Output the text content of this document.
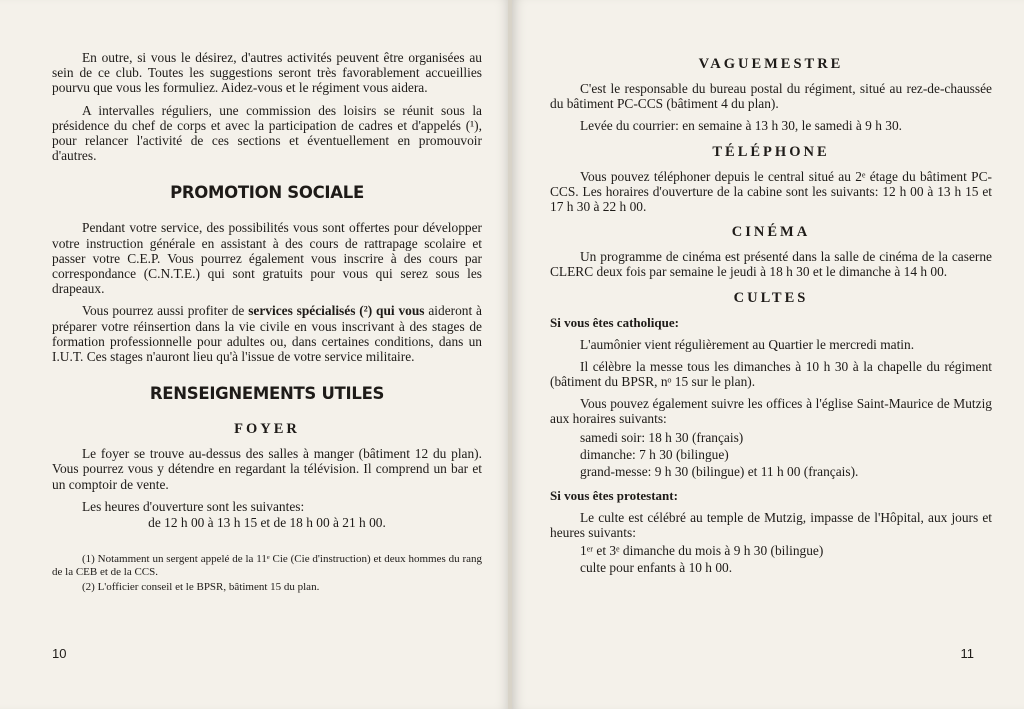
En outre, si vous le désirez, d'autres activités peuvent être organisées au sein de ce club. Toutes les suggestions seront très favorablement accueillies pourvu que vous les formuliez. Aidez-vous et le régiment vous aidera.

A intervalles réguliers, une commission des loisirs se réunit sous la présidence du chef de corps et avec la participation de cadres et d'appelés (¹), pour relancer l'activité de ces sections et éventuellement en promouvoir d'autres.

PROMOTION SOCIALE

Pendant votre service, des possibilités vous sont offertes pour développer votre instruction générale en assistant à des cours de rattrapage scolaire et passer votre C.E.P. Vous pourrez également vous inscrire à des cours par correspondance (C.N.T.E.) qui sont gratuits pour vous qui serez sous les drapeaux.

Vous pourrez aussi profiter de services spécialisés (²) qui vous aideront à préparer votre réinsertion dans la vie civile en vous inscrivant à des stages de formation professionnelle pour adultes ou, dans certaines conditions, dans un I.U.T. Ces stages n'auront lieu qu'à l'issue de votre service militaire.

RENSEIGNEMENTS UTILES
FOYER

Le foyer se trouve au-dessus des salles à manger (bâtiment 12 du plan). Vous pourrez vous y détendre en regardant la télévision. Il comprend un bar et un comptoir de vente.

Les heures d'ouverture sont les suivantes:

de 12 h 00 à 13 h 15 et de 18 h 00 à 21 h 00.

(1) Notamment un sergent appelé de la 11ᵉ Cie (Cie d'instruction) et deux hommes du rang de la CEB et de la CCS.

(2) L'officier conseil et le BPSR, bâtiment 15 du plan.

10
VAGUEMESTRE

C'est le responsable du bureau postal du régiment, situé au rez-de-chaussée du bâtiment PC-CCS (bâtiment 4 du plan).

Levée du courrier: en semaine à 13 h 30, le samedi à 9 h 30.

TÉLÉPHONE

Vous pouvez téléphoner depuis le central situé au 2ᵉ étage du bâtiment PC-CCS. Les horaires d'ouverture de la cabine sont les suivants: 12 h 00 à 13 h 15 et 17 h 30 à 22 h 00.

CINÉMA

Un programme de cinéma est présenté dans la salle de cinéma de la caserne CLERC deux fois par semaine le jeudi à 18 h 30 et le dimanche à 14 h 00.

CULTES
Si vous êtes catholique:

L'aumônier vient régulièrement au Quartier le mercredi matin.

Il célèbre la messe tous les dimanches à 10 h 30 à la chapelle du régiment (bâtiment du BPSR, nᵒ 15 sur le plan).

Vous pouvez également suivre les offices à l'église Saint-Maurice de Mutzig aux horaires suivants:

samedi soir: 18 h 30 (français)

dimanche: 7 h 30 (bilingue)

grand-messe: 9 h 30 (bilingue) et 11 h 00 (français).

Si vous êtes protestant:

Le culte est célébré au temple de Mutzig, impasse de l'Hôpital, aux jours et heures suivants:

1ᵉʳ et 3ᵉ dimanche du mois à 9 h 30 (bilingue)

culte pour enfants à 10 h 00.

11
